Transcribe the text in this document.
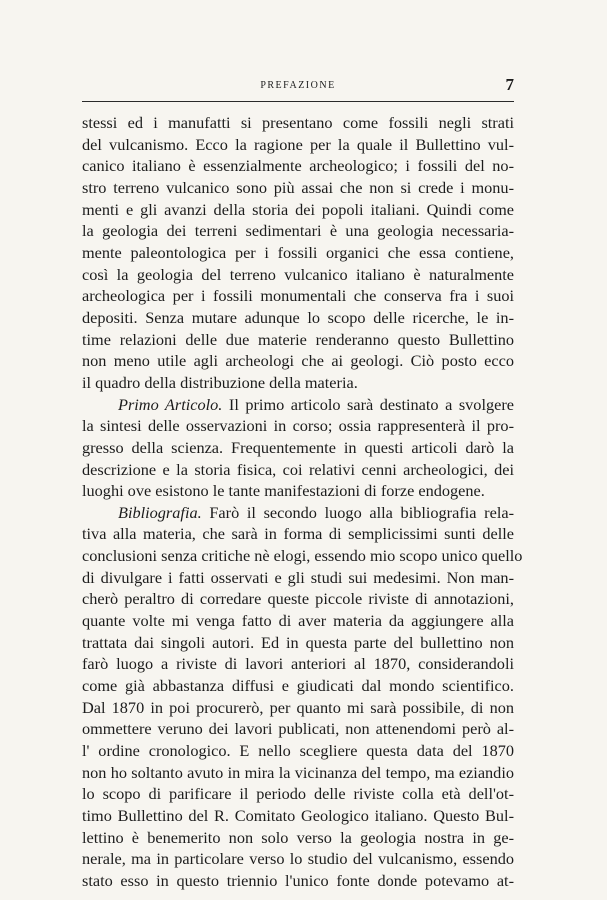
PREFAZIONE	7
stessi ed i manufatti si presentano come fossili negli strati
del vulcanismo. Ecco la ragione per la quale il Bullettino vul-
canico italiano è essenzialmente archeologico; i fossili del no-
stro terreno vulcanico sono più assai che non si crede i monu-
menti e gli avanzi della storia dei popoli italiani. Quindi come
la geologia dei terreni sedimentari è una geologia necessaria-
mente paleontologica per i fossili organici che essa contiene,
così la geologia del terreno vulcanico italiano è naturalmente
archeologica per i fossili monumentali che conserva fra i suoi
depositi. Senza mutare adunque lo scopo delle ricerche, le in-
time relazioni delle due materie renderanno questo Bullettino
non meno utile agli archeologi che ai geologi. Ciò posto ecco
il quadro della distribuzione della materia.
Primo Articolo. Il primo articolo sarà destinato a svolgere
la sintesi delle osservazioni in corso; ossia rappresenterà il pro-
gresso della scienza. Frequentemente in questi articoli darò la
descrizione e la storia fisica, coi relativi cenni archeologici, dei
luoghi ove esistono le tante manifestazioni di forze endogene.
Bibliografia. Farò il secondo luogo alla bibliografia rela-
tiva alla materia, che sarà in forma di semplicissimi sunti delle
conclusioni senza critiche nè elogi, essendo mio scopo unico quello
di divulgare i fatti osservati e gli studi sui medesimi. Non man-
cherò peraltro di corredare queste piccole riviste di annotazioni,
quante volte mi venga fatto di aver materia da aggiungere alla
trattata dai singoli autori. Ed in questa parte del bullettino non
farò luogo a riviste di lavori anteriori al 1870, considerandoli
come già abbastanza diffusi e giudicati dal mondo scientifico.
Dal 1870 in poi procurerò, per quanto mi sarà possibile, di non
ommettere veruno dei lavori publicati, non attenendomi però al-
l' ordine cronologico. E nello scegliere questa data del 1870
non ho soltanto avuto in mira la vicinanza del tempo, ma eziandio
lo scopo di parificare il periodo delle riviste colla età dell'ot-
timo Bullettino del R. Comitato Geologico italiano. Questo Bul-
lettino è benemerito non solo verso la geologia nostra in ge-
nerale, ma in particolare verso lo studio del vulcanismo, essendo
stato esso in questo triennio l'unico fonte donde potevamo at-
